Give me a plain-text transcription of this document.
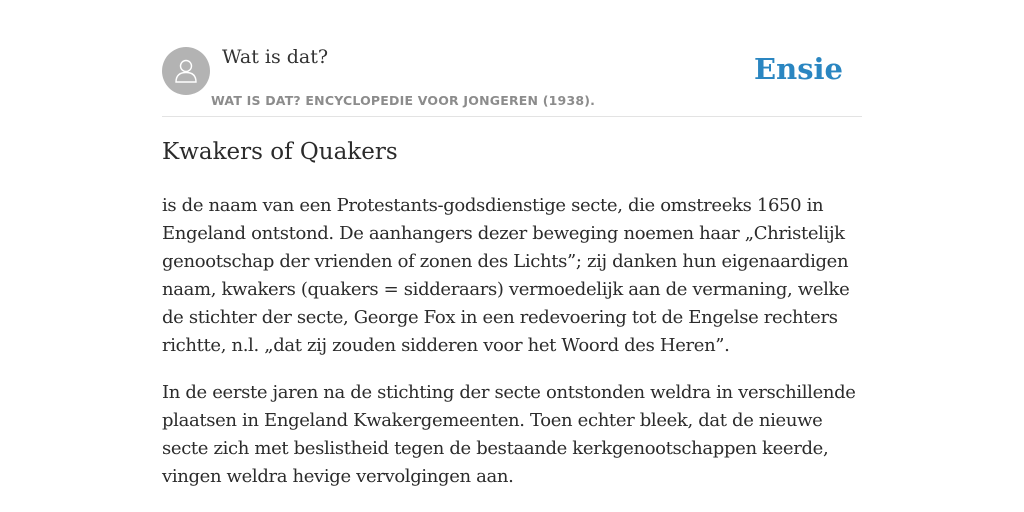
Wat is dat?
WAT IS DAT? ENCYCLOPEDIE VOOR JONGEREN (1938).
Ensie
Kwakers of Quakers

is de naam van een Protestants-godsdienstige secte, die omstreeks 1650 in Engeland ontstond. De aanhangers dezer beweging noemen haar „Christelijk genootschap der vrienden of zonen des Lichts”; zij danken hun eigenaardigen naam, kwakers (quakers = sidderaars) vermoedelijk aan de vermaning, welke de stichter der secte, George Fox in een redevoering tot de Engelse rechters richtte, n.l. „dat zij zouden sidderen voor het Woord des Heren”.

In de eerste jaren na de stichting der secte ontstonden weldra in verschillende plaatsen in Engeland Kwakergemeenten. Toen echter bleek, dat de nieuwe secte zich met beslistheid tegen de bestaande kerkgenootschappen keerde, vingen weldra hevige vervolgingen aan.
